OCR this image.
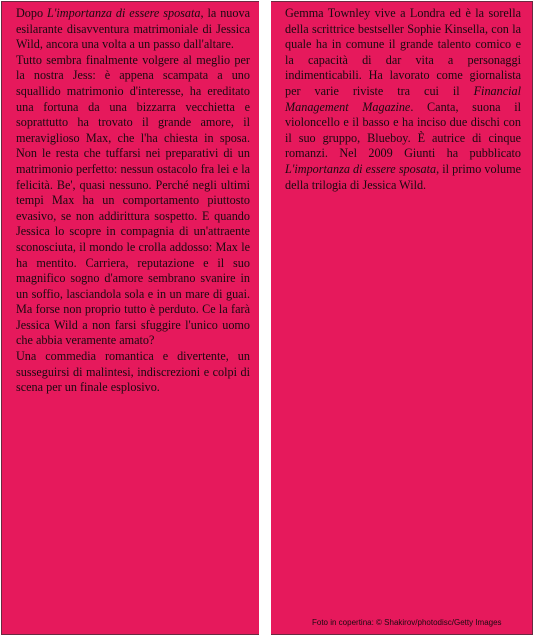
Dopo L'importanza di essere sposata, la nuova esilarante disavventura matrimoniale di Jessica Wild, ancora una volta a un passo dall'altare.

Tutto sembra finalmente volgere al meglio per la nostra Jess: è appena scampata a uno squallido matrimonio d'interesse, ha ereditato una fortuna da una bizzarra vecchietta e soprattutto ha trovato il grande amore, il meraviglioso Max, che l'ha chiesta in sposa. Non le resta che tuffarsi nei preparativi di un matrimonio perfetto: nessun ostacolo fra lei e la felicità. Be', quasi nessuno. Perché negli ultimi tempi Max ha un comportamento piuttosto evasivo, se non addirittura sospetto. E quando Jessica lo scopre in compagnia di un'attraente sconosciuta, il mondo le crolla addosso: Max le ha mentito. Carriera, reputazione e il suo magnifico sogno d'amore sembrano svanire in un soffio, lasciandola sola e in un mare di guai. Ma forse non proprio tutto è perduto. Ce la farà Jessica Wild a non farsi sfuggire l'unico uomo che abbia veramente amato?

Una commedia romantica e divertente, un susseguirsi di malintesi, indiscrezioni e colpi di scena per un finale esplosivo.

Gemma Townley vive a Londra ed è la sorella della scrittrice bestseller Sophie Kinsella, con la quale ha in comune il grande talento comico e la capacità di dar vita a personaggi indimenticabili. Ha lavorato come giornalista per varie riviste tra cui il Financial Management Magazine. Canta, suona il violoncello e il basso e ha inciso due dischi con il suo gruppo, Blueboy. È autrice di cinque romanzi. Nel 2009 Giunti ha pubblicato L'importanza di essere sposata, il primo volume della trilogia di Jessica Wild.

Foto in copertina: © Shakirov/photodisc/Getty Images
